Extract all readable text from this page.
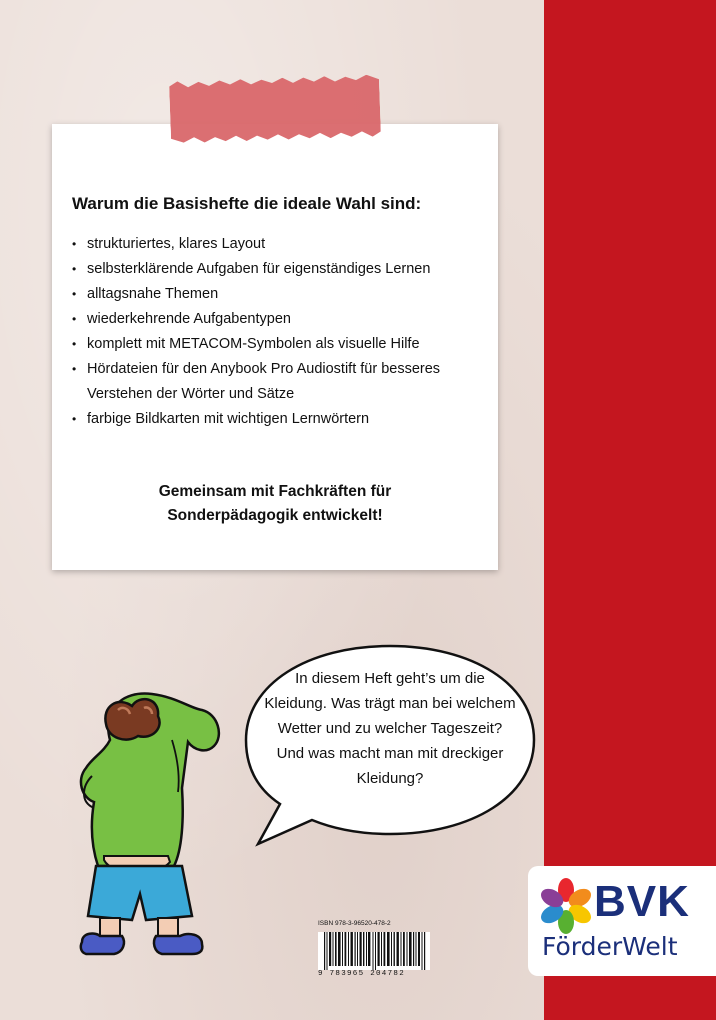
Warum die Basishefte die ideale Wahl sind:

• strukturiertes, klares Layout
• selbsterklärende Aufgaben für eigenständiges Lernen
• alltagsnahe Themen
• wiederkehrende Aufgabentypen
• komplett mit METACOM-Symbolen als visuelle Hilfe
• Hördateien für den Anybook Pro Audiostift für besseres Verstehen der Wörter und Sätze
• farbige Bildkarten mit wichtigen Lernwörtern

Gemeinsam mit Fachkräften für
Sonderpädagogik entwickelt!

In diesem Heft geht’s um die Kleidung. Was trägt man bei welchem Wetter und zu welcher Tageszeit? Und was macht man mit dreckiger Kleidung?

ISBN 978-3-96520-478-2

9 783965 204782

BVK

FörderWelt
